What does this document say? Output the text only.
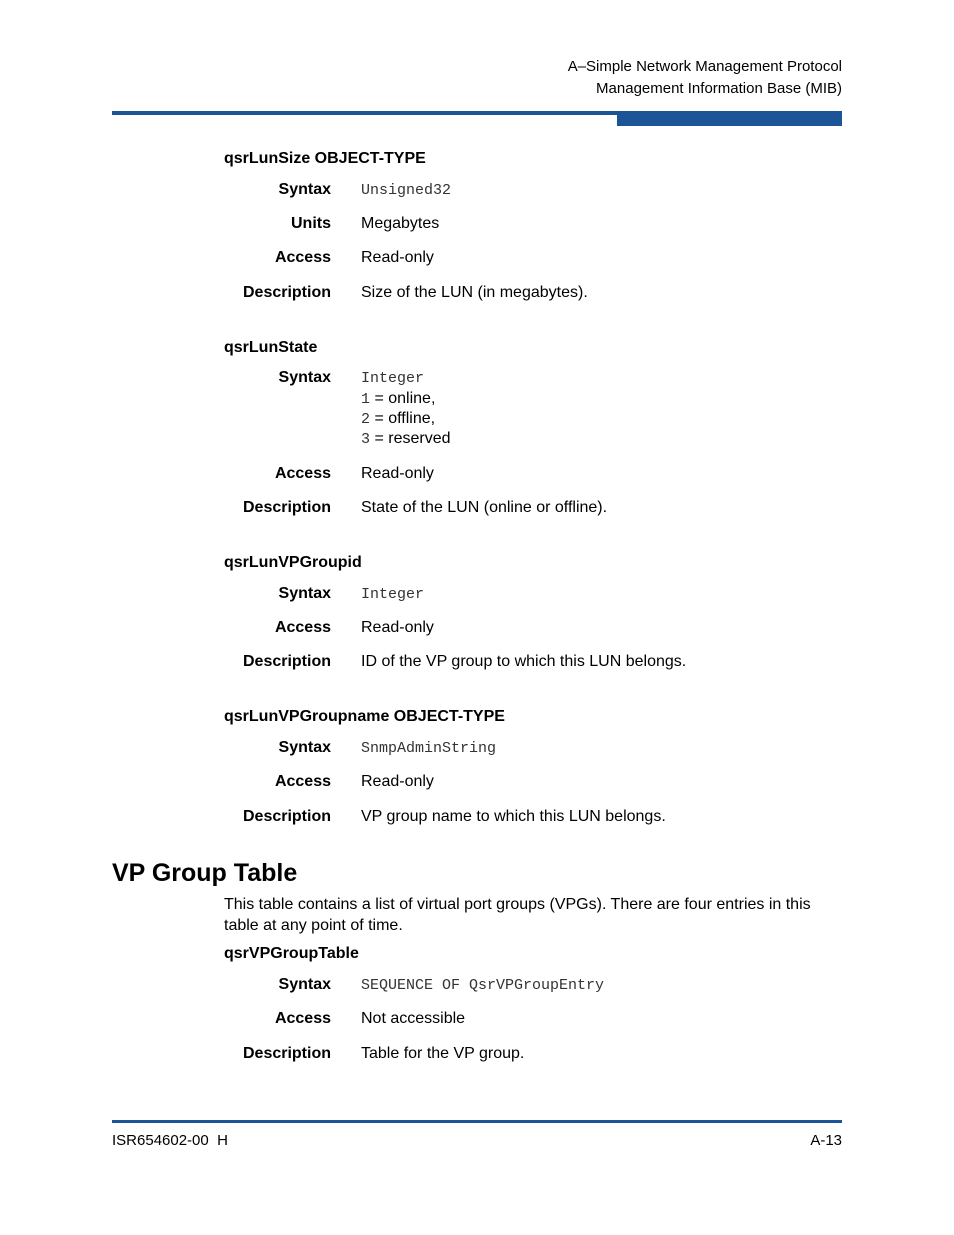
A–Simple Network Management Protocol
Management Information Base (MIB)
qsrLunSize OBJECT-TYPE
Syntax Unsigned32
Units Megabytes
Access Read-only
Description Size of the LUN (in megabytes).
qsrLunState
Syntax Integer
1 = online,
2 = offline,
3 = reserved
Access Read-only
Description State of the LUN (online or offline).
qsrLunVPGroupid
Syntax Integer
Access Read-only
Description ID of the VP group to which this LUN belongs.
qsrLunVPGroupname OBJECT-TYPE
Syntax SnmpAdminString
Access Read-only
Description VP group name to which this LUN belongs.
VP Group Table
This table contains a list of virtual port groups (VPGs). There are four entries in this table at any point of time.
qsrVPGroupTable
Syntax SEQUENCE OF QsrVPGroupEntry
Access Not accessible
Description Table for the VP group.
ISR654602-00  H	A-13
